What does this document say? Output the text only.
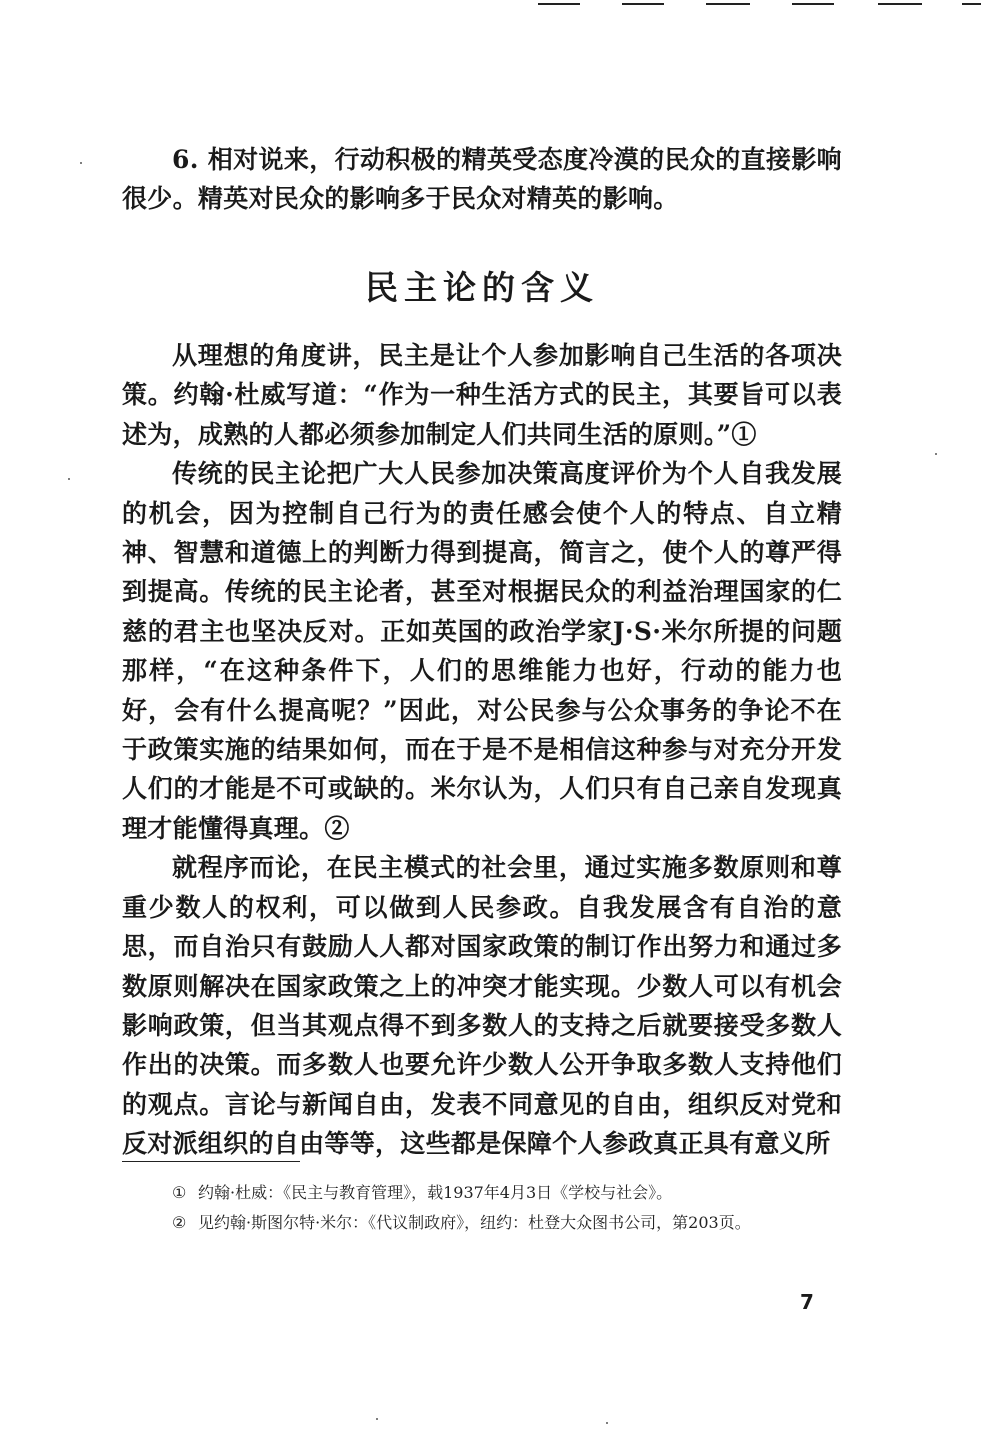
6. 相对说来，行动积极的精英受态度冷漠的民众的直接影响很少。精英对民众的影响多于民众对精英的影响。

民主论的含义

从理想的角度讲，民主是让个人参加影响自己生活的各项决策。约翰·杜威写道：“作为一种生活方式的民主，其要旨可以表述为，成熟的人都必须参加制定人们共同生活的原则。”①

传统的民主论把广大人民参加决策高度评价为个人自我发展的机会，因为控制自己行为的责任感会使个人的特点、自立精神、智慧和道德上的判断力得到提高，简言之，使个人的尊严得到提高。传统的民主论者，甚至对根据民众的利益治理国家的仁慈的君主也坚决反对。正如英国的政治学家J·S·米尔所提的问题那样，“在这种条件下，人们的思维能力也好，行动的能力也好，会有什么提高呢？”因此，对公民参与公众事务的争论不在于政策实施的结果如何，而在于是不是相信这种参与对充分开发人们的才能是不可或缺的。米尔认为，人们只有自己亲自发现真理才能懂得真理。②

就程序而论，在民主模式的社会里，通过实施多数原则和尊重少数人的权利，可以做到人民参政。自我发展含有自治的意思，而自治只有鼓励人人都对国家政策的制订作出努力和通过多数原则解决在国家政策之上的冲突才能实现。少数人可以有机会影响政策，但当其观点得不到多数人的支持之后就要接受多数人作出的决策。而多数人也要允许少数人公开争取多数人支持他们的观点。言论与新闻自由，发表不同意见的自由，组织反对党和反对派组织的自由等等，这些都是保障个人参政真正具有意义所

① 约翰·杜威：《民主与教育管理》，载1937年4月3日《学校与社会》。

② 见约翰·斯图尔特·米尔：《代议制政府》，纽约：杜登大众图书公司，第203页。

7
